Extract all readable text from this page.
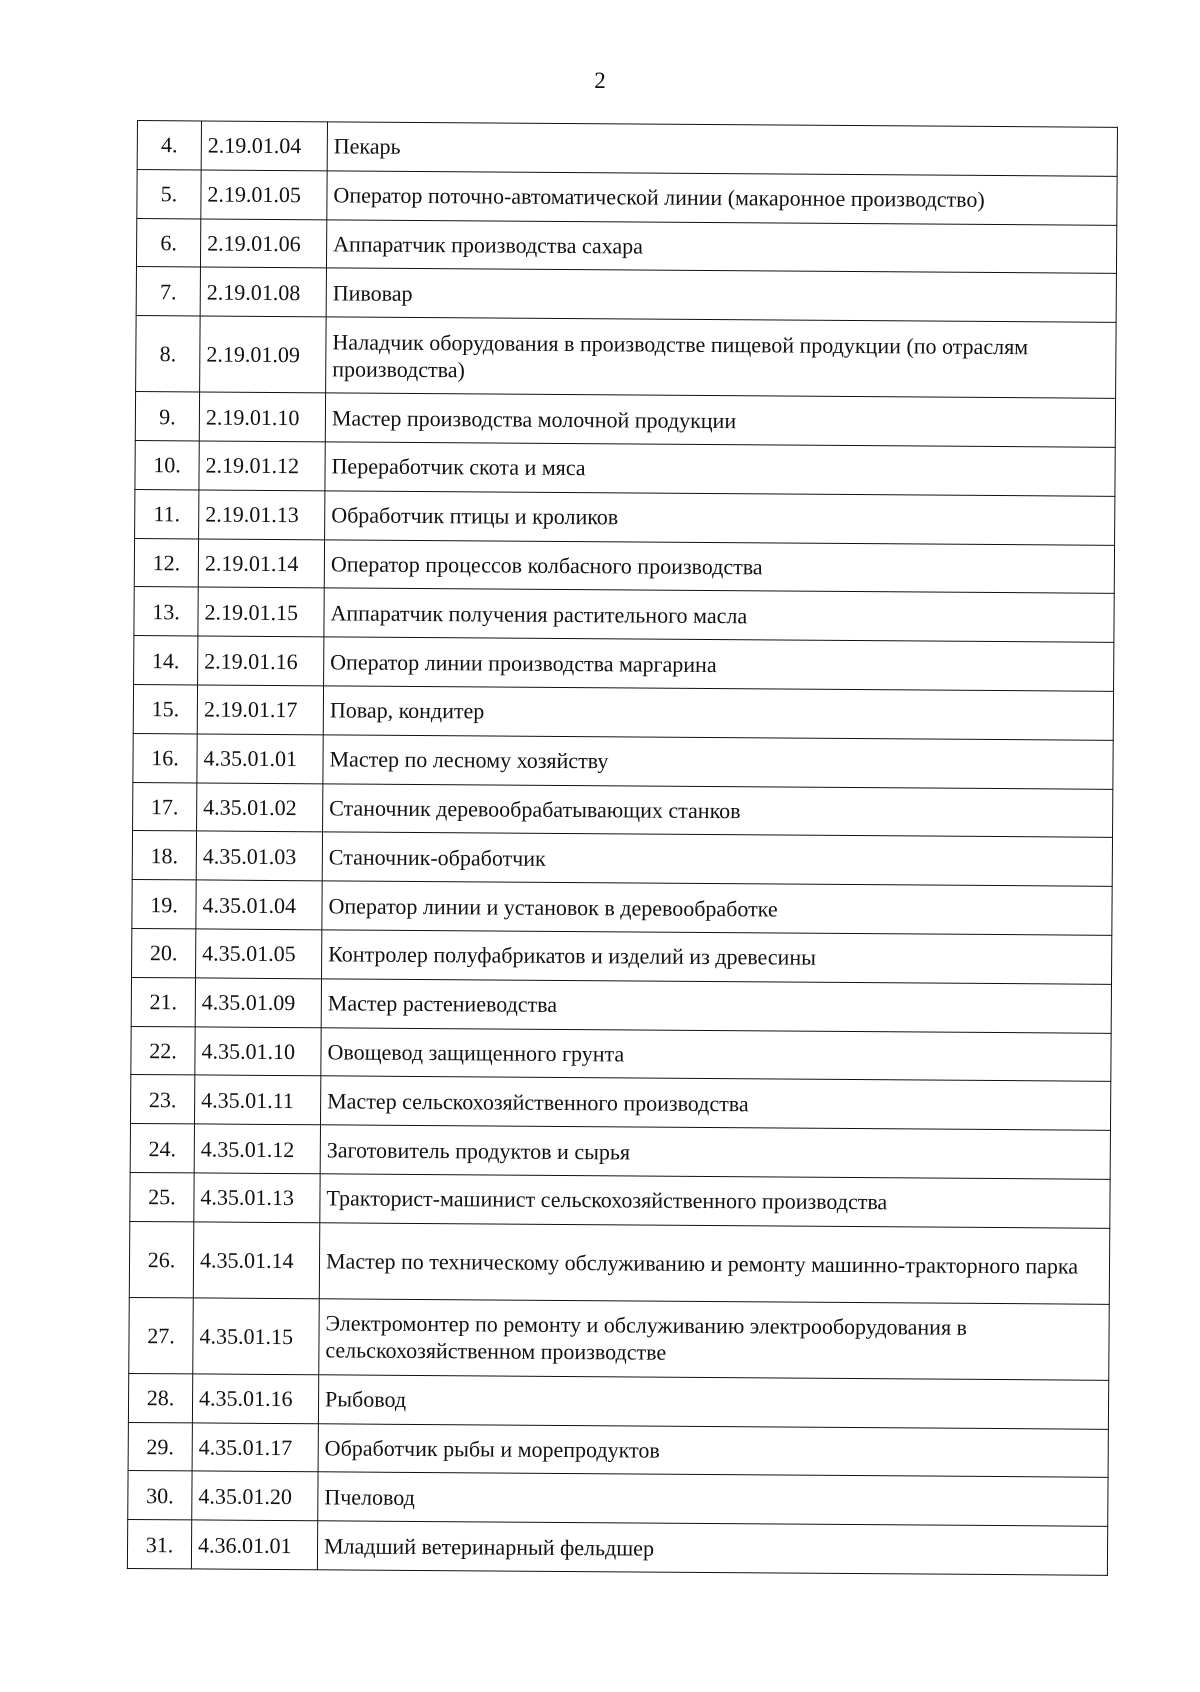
2
4.	2.19.01.04	Пекарь
5.	2.19.01.05	Оператор поточно-автоматической линии (макаронное производство)
6.	2.19.01.06	Аппаратчик производства сахара
7.	2.19.01.08	Пивовар
8.	2.19.01.09	Наладчик оборудования в производстве пищевой продукции (по отраслям производства)
9.	2.19.01.10	Мастер производства молочной продукции
10.	2.19.01.12	Переработчик скота и мяса
11.	2.19.01.13	Обработчик птицы и кроликов
12.	2.19.01.14	Оператор процессов колбасного производства
13.	2.19.01.15	Аппаратчик получения растительного масла
14.	2.19.01.16	Оператор линии производства маргарина
15.	2.19.01.17	Повар, кондитер
16.	4.35.01.01	Мастер по лесному хозяйству
17.	4.35.01.02	Станочник деревообрабатывающих станков
18.	4.35.01.03	Станочник-обработчик
19.	4.35.01.04	Оператор линии и установок в деревообработке
20.	4.35.01.05	Контролер полуфабрикатов и изделий из древесины
21.	4.35.01.09	Мастер растениеводства
22.	4.35.01.10	Овощевод защищенного грунта
23.	4.35.01.11	Мастер сельскохозяйственного производства
24.	4.35.01.12	Заготовитель продуктов и сырья
25.	4.35.01.13	Тракторист-машинист сельскохозяйственного производства
26.	4.35.01.14	Мастер по техническому обслуживанию и ремонту машинно-тракторного парка
27.	4.35.01.15	Электромонтер по ремонту и обслуживанию электрооборудования в сельскохозяйственном производстве
28.	4.35.01.16	Рыбовод
29.	4.35.01.17	Обработчик рыбы и морепродуктов
30.	4.35.01.20	Пчеловод
31.	4.36.01.01	Младший ветеринарный фельдшер
